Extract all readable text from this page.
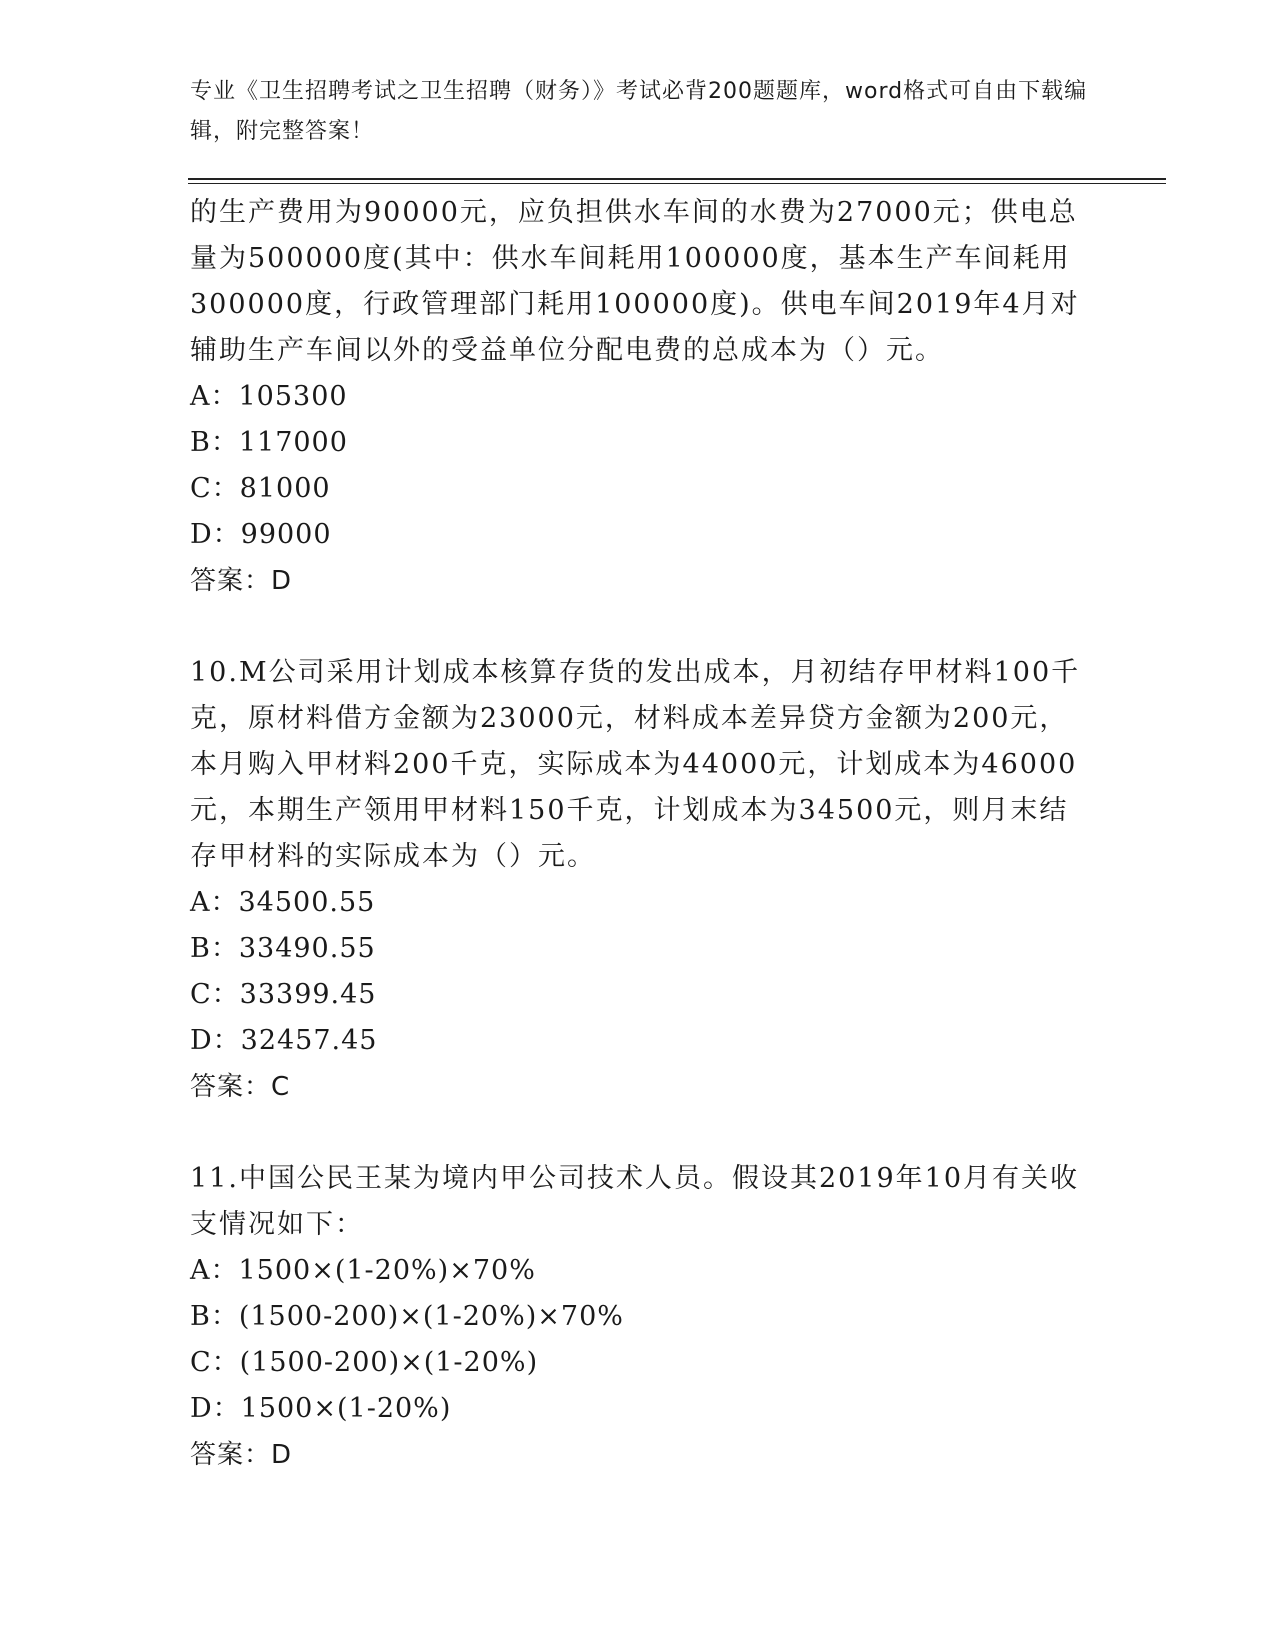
专业《卫生招聘考试之卫生招聘（财务）》考试必背200题题库，word格式可自由下载编辑，附完整答案！

的生产费用为90000元，应负担供水车间的水费为27000元；供电总量为500000度(其中：供水车间耗用100000度，基本生产车间耗用300000度，行政管理部门耗用100000度)。供电车间2019年4月对辅助生产车间以外的受益单位分配电费的总成本为（）元。

A：105300

B：117000

C：81000

D：99000

答案：D

10.M公司采用计划成本核算存货的发出成本，月初结存甲材料100千克，原材料借方金额为23000元，材料成本差异贷方金额为200元，本月购入甲材料200千克，实际成本为44000元，计划成本为46000元，本期生产领用甲材料150千克，计划成本为34500元，则月末结存甲材料的实际成本为（）元。

A：34500.55

B：33490.55

C：33399.45

D：32457.45

答案：C

11.中国公民王某为境内甲公司技术人员。假设其2019年10月有关收支情况如下：

A：1500×(1-20%)×70%

B：(1500-200)×(1-20%)×70%

C：(1500-200)×(1-20%)

D：1500×(1-20%)

答案：D
